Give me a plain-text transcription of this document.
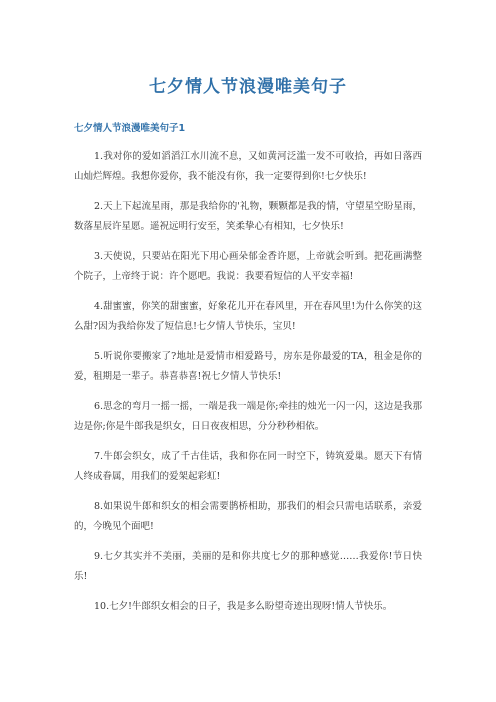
七夕情人节浪漫唯美句子
七夕情人节浪漫唯美句子1

1.我对你的爱如滔滔江水川流不息，又如黄河泛滥一发不可收拾，再如日落西山灿烂辉煌。我想你爱你，我不能没有你，我一定要得到你!七夕快乐!

2.天上下起流星雨，那是我给你的'礼物，颗颗都是我的情，守望星空盼星雨，数落星辰许星愿。遥祝远明行安至，笑柔挚心有相知，七夕快乐!

3.天使说，只要站在阳光下用心画朵郁金香许愿，上帝就会听到。把花画满整个院子，上帝终于说：许个愿吧。我说：我要看短信的人平安幸福!

4.甜蜜蜜，你笑的甜蜜蜜，好象花儿开在春风里，开在春风里!为什么你笑的这么甜?因为我给你发了短信息!七夕情人节快乐，宝贝!

5.听说你要搬家了?地址是爱情市相爱路号，房东是你最爱的TA，租金是你的爱，租期是一辈子。恭喜恭喜!祝七夕情人节快乐!

6.思念的弯月一摇一摇，一端是我一端是你;牵挂的烛光一闪一闪，这边是我那边是你;你是牛郎我是织女，日日夜夜相思，分分秒秒相依。

7.牛郎会织女，成了千古佳话，我和你在同一时空下，铸筑爱巢。愿天下有情人终成眷属，用我们的爱架起彩虹!

8.如果说牛郎和织女的相会需要鹊桥相助，那我们的相会只需电话联系，亲爱的，今晚见个面吧!

9.七夕其实并不美丽，美丽的是和你共度七夕的那种感觉……我爱你!节日快乐!

10.七夕!牛郎织女相会的日子，我是多么盼望奇迹出现呀!情人节快乐。
